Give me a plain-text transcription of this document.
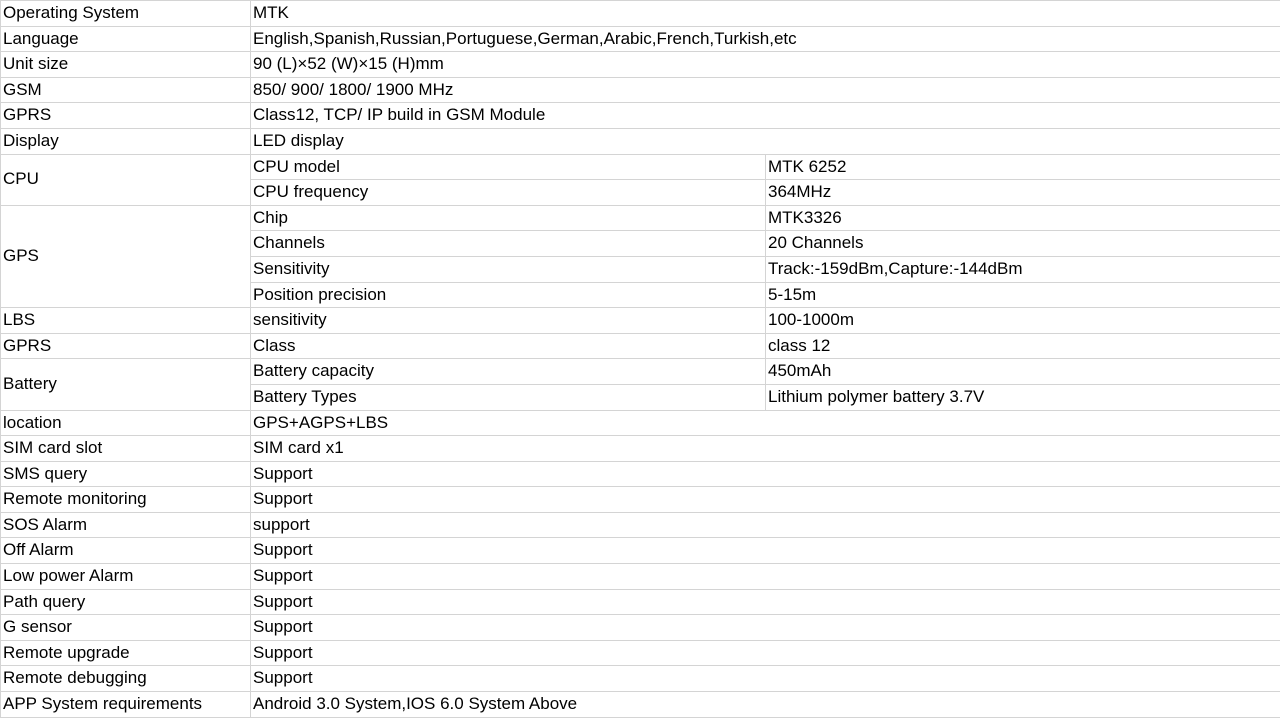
Operating System	MTK	
Language	English,Spanish,Russian,Portuguese,German,Arabic,French,Turkish,etc	
Unit size	90 (L)×52 (W)×15 (H)mm	
GSM	850/ 900/ 1800/ 1900 MHz	
GPRS	Class12, TCP/ IP build in GSM Module	
Display	LED display	
CPU	CPU model	MTK 6252
	CPU frequency	364MHz
GPS	Chip	MTK3326
	Channels	20 Channels
	Sensitivity	Track:-159dBm,Capture:-144dBm
	Position precision	5-15m
LBS	sensitivity	100-1000m
GPRS	Class	class 12
Battery	Battery capacity	450mAh
	Battery Types	Lithium polymer battery 3.7V
location	GPS+AGPS+LBS	
SIM card slot	SIM card x1	
SMS query	Support	
Remote monitoring	Support	
SOS Alarm	support	
Off Alarm	Support	
Low power Alarm	Support	
Path query	Support	
G sensor	Support	
Remote upgrade	Support	
Remote debugging	Support	
APP System requirements	Android 3.0 System,IOS 6.0 System Above	
